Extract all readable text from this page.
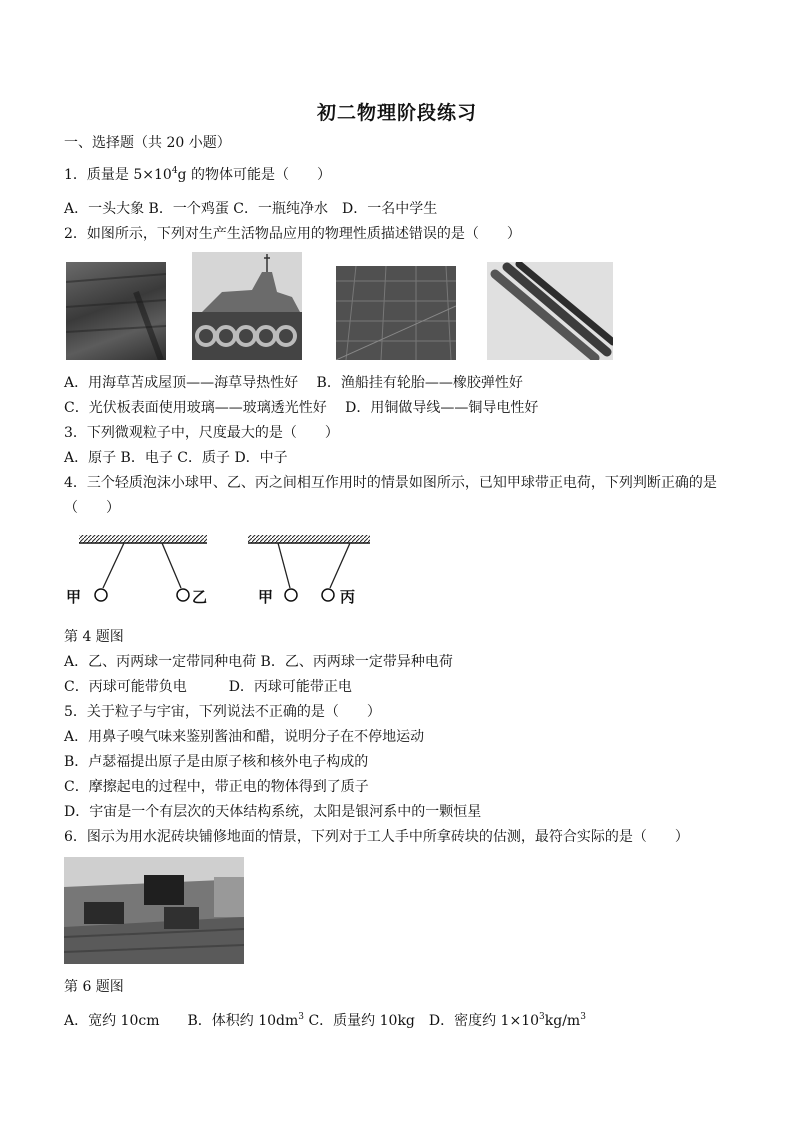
初二物理阶段练习
一、选择题（共 20 小题）
1．质量是 $5\times 10^4g$ 的物体可能是（　　）
A．一头大象 B．一个鸡蛋 C．一瓶纯净水　D．一名中学生
2．如图所示，下列对生产生活物品应用的物理性质描述错误的是（　　）
A．用海草苫成屋顶——海草导热性好　 B．渔船挂有轮胎——橡胶弹性好
C．光伏板表面使用玻璃——玻璃透光性好　 D．用铜做导线——铜导电性好
3．下列微观粒子中，尺度最大的是（　　）
A．原子 B．电子 C．质子 D．中子
4．三个轻质泡沫小球甲、乙、丙之间相互作用时的情景如图所示，已知甲球带正电荷，下列判断正确的是
（　　）
甲	乙	甲	丙
第 4 题图
A．乙、丙两球一定带同种电荷 B．乙、丙两球一定带异种电荷
C．丙球可能带负电　　　D．丙球可能带正电
5．关于粒子与宇宙，下列说法不正确的是（　　）
A．用鼻子嗅气味来鉴别酱油和醋，说明分子在不停地运动
B．卢瑟福提出原子是由原子核和核外电子构成的
C．摩擦起电的过程中，带正电的物体得到了质子
D．宇宙是一个有层次的天体结构系统，太阳是银河系中的一颗恒星
6．图示为用水泥砖块铺修地面的情景，下列对于工人手中所拿砖块的估测，最符合实际的是（　　）
第 6 题图
A．宽约 10cm　　B．体积约 $10dm^3$ C．质量约 10kg　D．密度约 $1\times 10^3kg/m^3$
